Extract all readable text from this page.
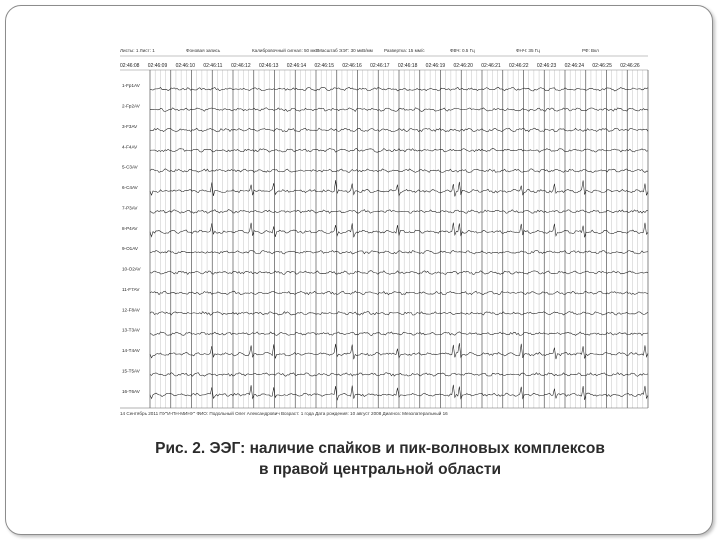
Листы: 1 Лист: 1	Фоновая запись	Калибровочный сигнал: 50 мкВ Масштаб ЭЭГ: 30 мкВ/мм Развертка: 15 мм/с	ФВЧ: 0.5 Гц	ФНЧ: 35 Гц	РФ: Вкл
02:46:08 02:46:09 02:46:10 02:46:11 02:46:12 02:46:13 02:46:14 02:46:15 02:46:16 02:46:17 02:46:18 02:46:19 02:46:20 02:46:21 02:46:22 02:46:23 02:46:24 02:46:25 02:46:26
1-Fp1AV
2-Fp2AV
3-F3AV
4-F4AV
5-C3AV
6-C4AV
7-P3AV
8-P4AV
9-O1AV
10-O2AV
11-F7AV
12-F8AV
13-T3AV
14-T4AV
15-T5AV
16-T6AV
14 Сентябрь 2011 ПУ"И-ПН-МИНУ" ФИО: Подольный Олег Александрович Возраст: 1 года Дата рождения: 10 август 2008 Диагноз: Мезолатеральный 16
Рис. 2. ЭЭГ: наличие спайков и пик-волновых комплексов
в правой центральной области
